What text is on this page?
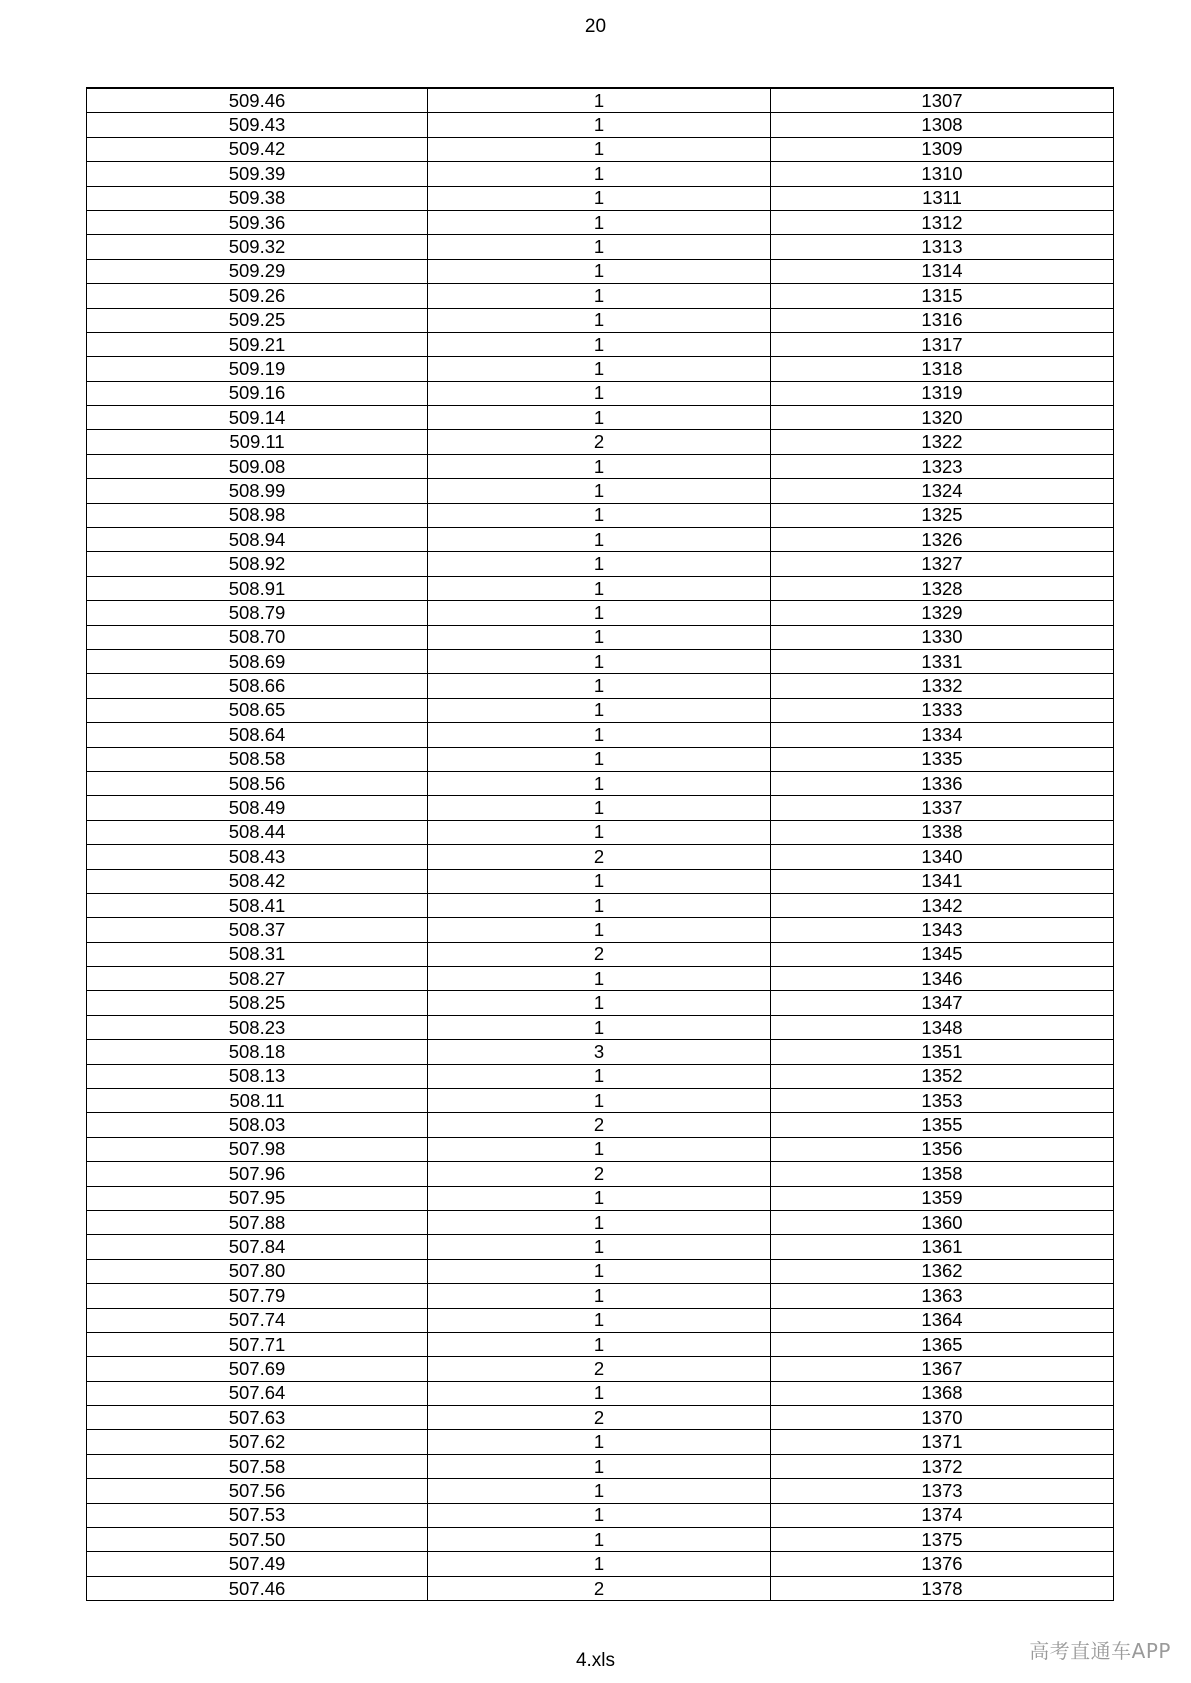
20
509.46	1	1307
509.43	1	1308
509.42	1	1309
509.39	1	1310
509.38	1	1311
509.36	1	1312
509.32	1	1313
509.29	1	1314
509.26	1	1315
509.25	1	1316
509.21	1	1317
509.19	1	1318
509.16	1	1319
509.14	1	1320
509.11	2	1322
509.08	1	1323
508.99	1	1324
508.98	1	1325
508.94	1	1326
508.92	1	1327
508.91	1	1328
508.79	1	1329
508.70	1	1330
508.69	1	1331
508.66	1	1332
508.65	1	1333
508.64	1	1334
508.58	1	1335
508.56	1	1336
508.49	1	1337
508.44	1	1338
508.43	2	1340
508.42	1	1341
508.41	1	1342
508.37	1	1343
508.31	2	1345
508.27	1	1346
508.25	1	1347
508.23	1	1348
508.18	3	1351
508.13	1	1352
508.11	1	1353
508.03	2	1355
507.98	1	1356
507.96	2	1358
507.95	1	1359
507.88	1	1360
507.84	1	1361
507.80	1	1362
507.79	1	1363
507.74	1	1364
507.71	1	1365
507.69	2	1367
507.64	1	1368
507.63	2	1370
507.62	1	1371
507.58	1	1372
507.56	1	1373
507.53	1	1374
507.50	1	1375
507.49	1	1376
507.46	2	1378
4.xls	高考直通车APP
